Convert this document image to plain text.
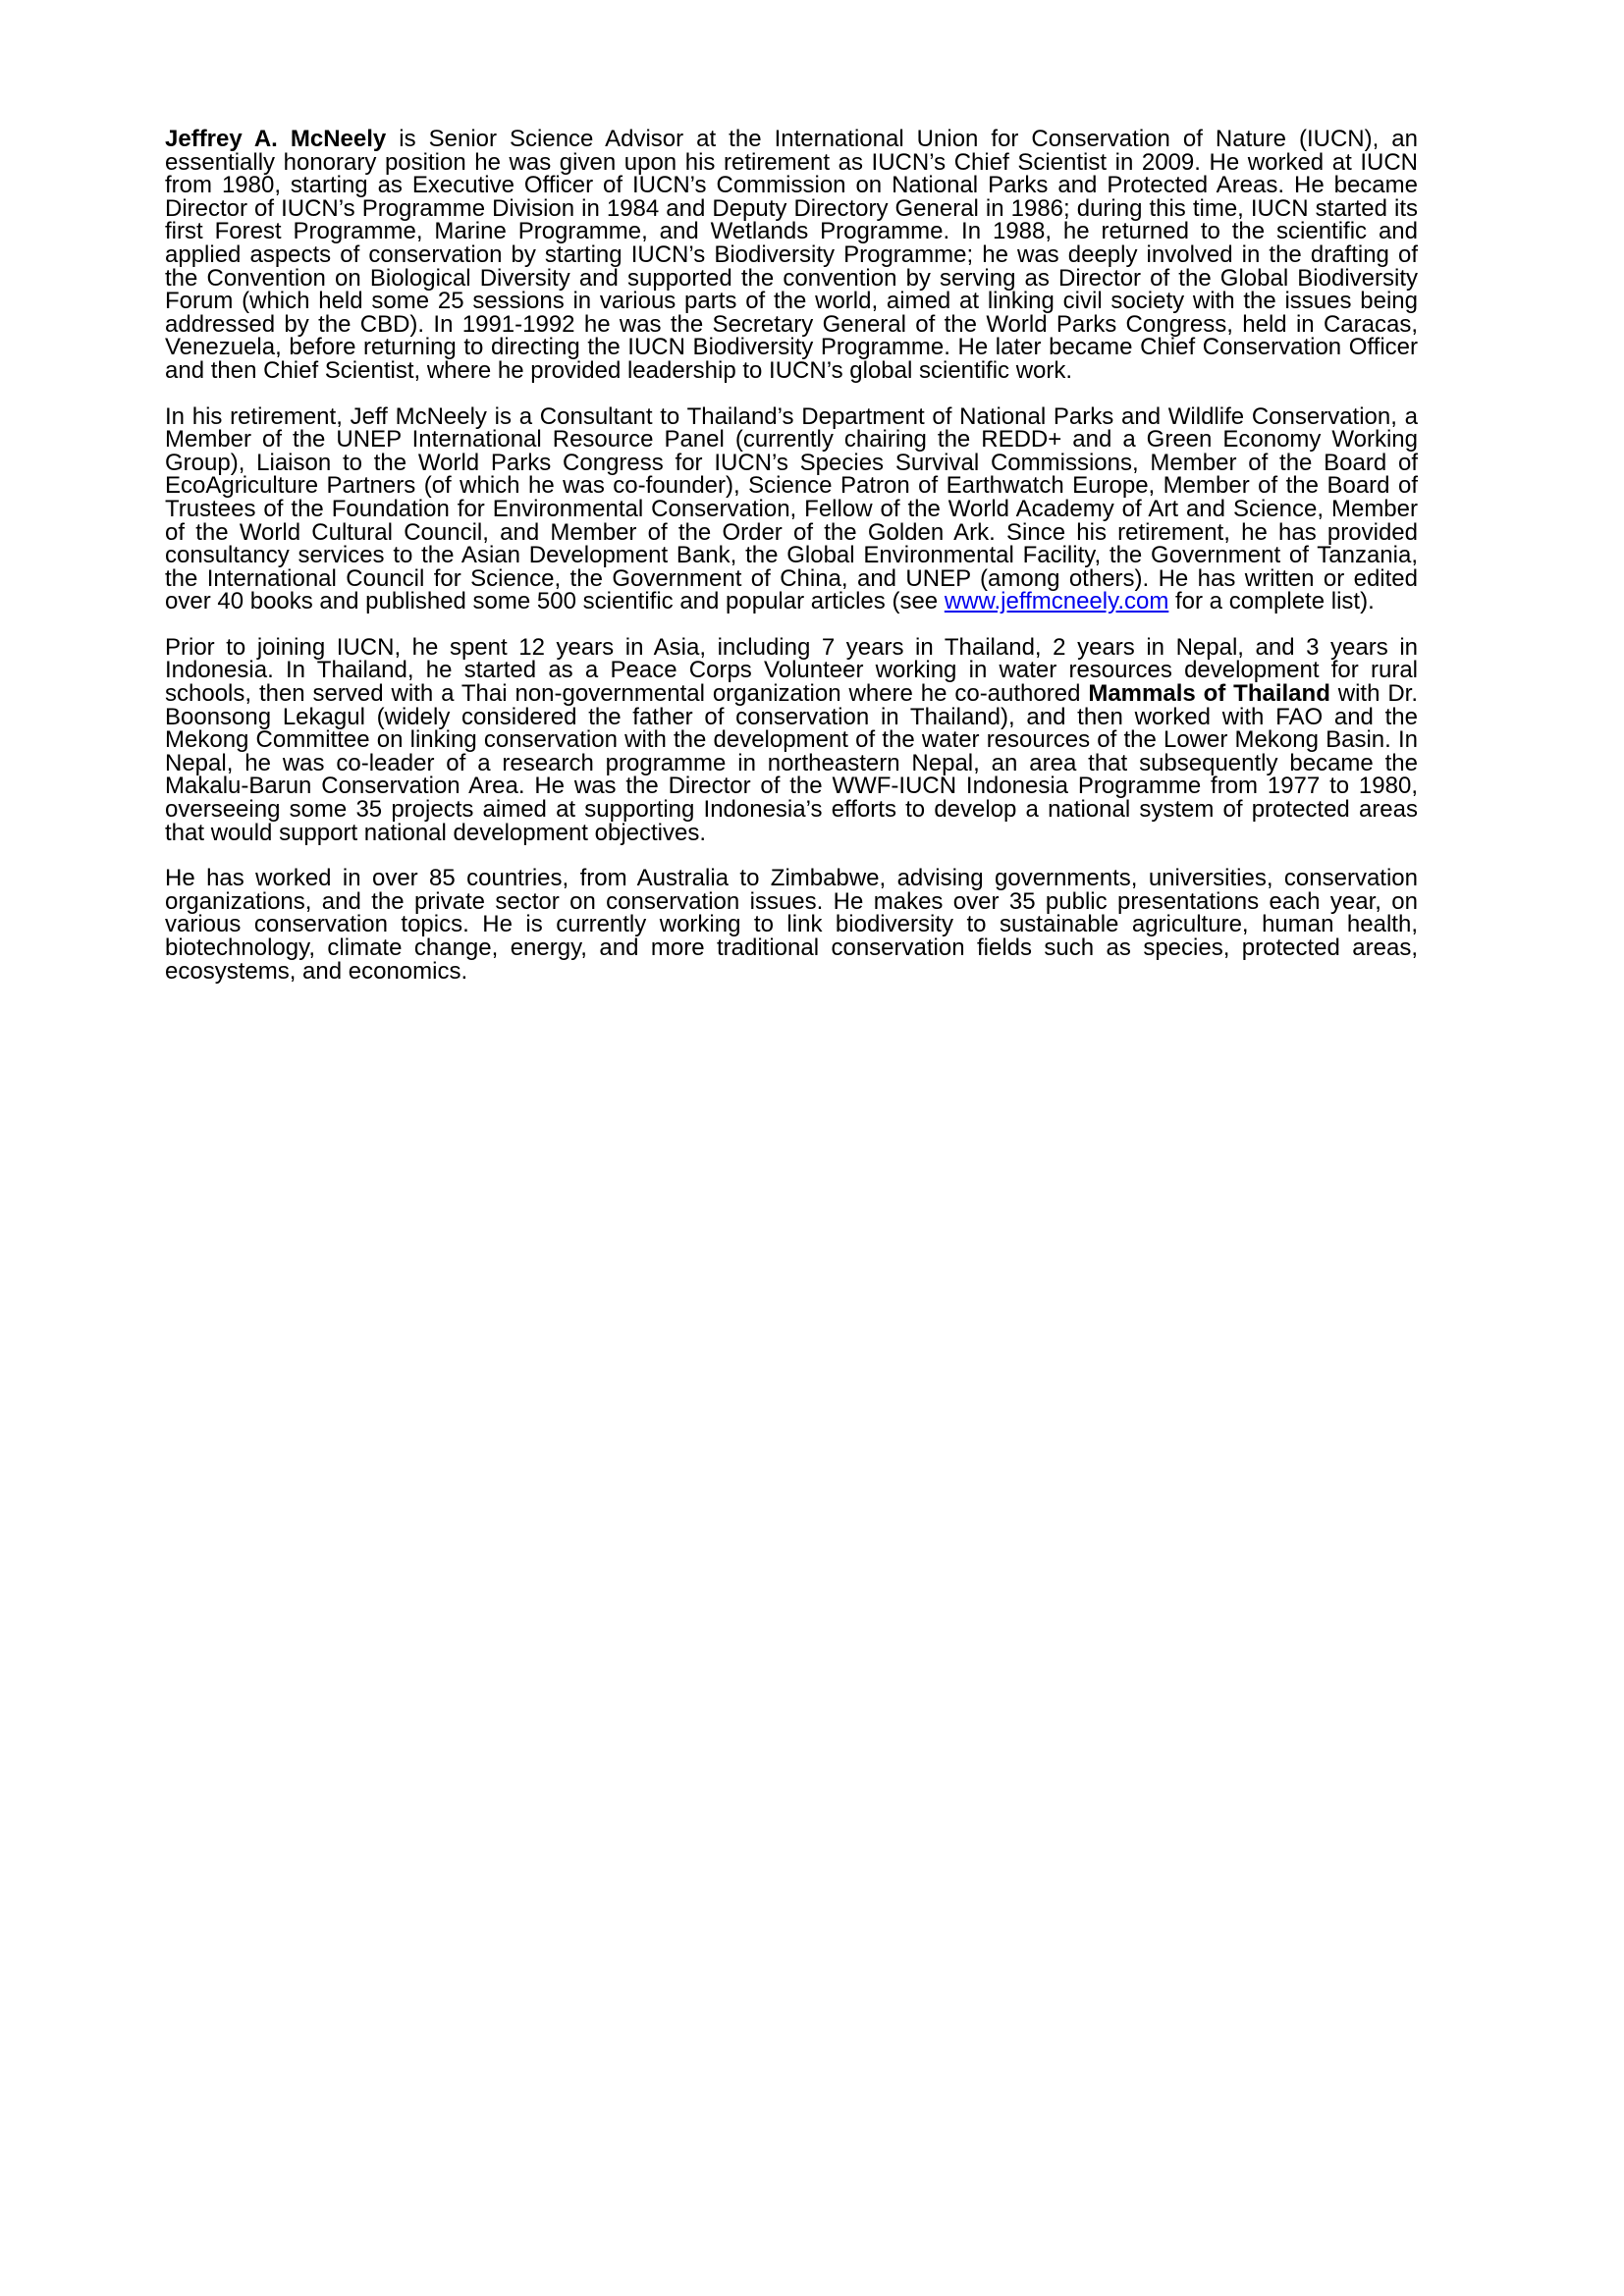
Jeffrey A. McNeely is Senior Science Advisor at the International Union for Conservation of Nature (IUCN), an essentially honorary position he was given upon his retirement as IUCN’s Chief Scientist in 2009. He worked at IUCN from 1980, starting as Executive Officer of IUCN’s Commission on National Parks and Protected Areas. He became Director of IUCN’s Programme Division in 1984 and Deputy Directory General in 1986; during this time, IUCN started its first Forest Programme, Marine Programme, and Wetlands Programme. In 1988, he returned to the scientific and applied aspects of conservation by starting IUCN’s Biodiversity Programme; he was deeply involved in the drafting of the Convention on Biological Diversity and supported the convention by serving as Director of the Global Biodiversity Forum (which held some 25 sessions in various parts of the world, aimed at linking civil society with the issues being addressed by the CBD). In 1991-1992 he was the Secretary General of the World Parks Congress, held in Caracas, Venezuela, before returning to directing the IUCN Biodiversity Programme. He later became Chief Conservation Officer and then Chief Scientist, where he provided leadership to IUCN’s global scientific work.

In his retirement, Jeff McNeely is a Consultant to Thailand’s Department of National Parks and Wildlife Conservation, a Member of the UNEP International Resource Panel (currently chairing the REDD+ and a Green Economy Working Group), Liaison to the World Parks Congress for IUCN’s Species Survival Commissions, Member of the Board of EcoAgriculture Partners (of which he was co-founder), Science Patron of Earthwatch Europe, Member of the Board of Trustees of the Foundation for Environmental Conservation, Fellow of the World Academy of Art and Science, Member of the World Cultural Council, and Member of the Order of the Golden Ark. Since his retirement, he has provided consultancy services to the Asian Development Bank, the Global Environmental Facility, the Government of Tanzania, the International Council for Science, the Government of China, and UNEP (among others). He has written or edited over 40 books and published some 500 scientific and popular articles (see www.jeffmcneely.com for a complete list).

Prior to joining IUCN, he spent 12 years in Asia, including 7 years in Thailand, 2 years in Nepal, and 3 years in Indonesia. In Thailand, he started as a Peace Corps Volunteer working in water resources development for rural schools, then served with a Thai non-governmental organization where he co-authored Mammals of Thailand with Dr. Boonsong Lekagul (widely considered the father of conservation in Thailand), and then worked with FAO and the Mekong Committee on linking conservation with the development of the water resources of the Lower Mekong Basin. In Nepal, he was co-leader of a research programme in northeastern Nepal, an area that subsequently became the Makalu-Barun Conservation Area. He was the Director of the WWF-IUCN Indonesia Programme from 1977 to 1980, overseeing some 35 projects aimed at supporting Indonesia’s efforts to develop a national system of protected areas that would support national development objectives.

He has worked in over 85 countries, from Australia to Zimbabwe, advising governments, universities, conservation organizations, and the private sector on conservation issues. He makes over 35 public presentations each year, on various conservation topics. He is currently working to link biodiversity to sustainable agriculture, human health, biotechnology, climate change, energy, and more traditional conservation fields such as species, protected areas, ecosystems, and economics.
